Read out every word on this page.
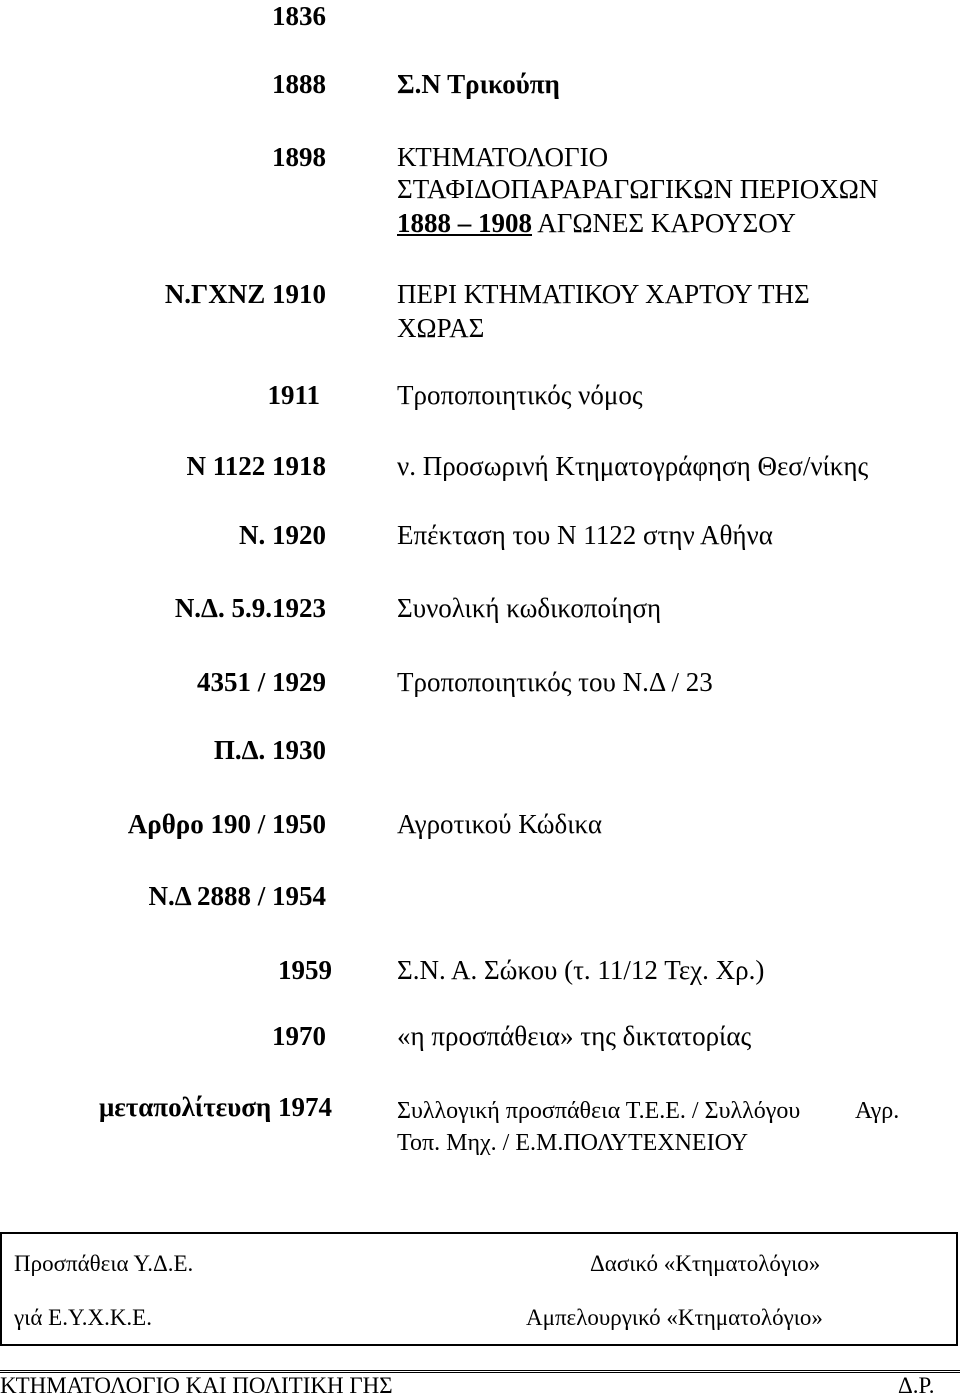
1836
1888
1898
Ν.ΓΧΝΖ 1910
1911
Ν 1122 1918
Ν. 1920
Ν.Δ. 5.9.1923
4351 / 1929
Π.Δ. 1930
Αρθρο 190 / 1950
Ν.Δ 2888 / 1954
1959
1970
μεταπολίτευση 1974
Σ.Ν Τρικούπη
ΚΤΗΜΑΤΟΛΟΓΙΟ
ΣΤΑΦΙΔΟΠΑΡΑΡΑΓΩΓΙΚΩΝ ΠΕΡΙΟΧΩΝ
1888 – 1908 ΑΓΩΝΕΣ ΚΑΡΟΥΣΟΥ
ΠΕΡΙ ΚΤΗΜΑΤΙΚΟΥ ΧΑΡΤΟΥ ΤΗΣ
ΧΩΡΑΣ
Τροποποιητικός νόμος
ν. Προσωρινή Κτηματογράφηση Θεσ/νίκης
Επέκταση του Ν 1122 στην Αθήνα
Συνολική κωδικοποίηση
Τροποποιητικός του Ν.Δ / 23
Αγροτικού Κώδικα
Σ.Ν. Α. Σώκου (τ. 11/12 Τεχ. Χρ.)
«η προσπάθεια» της δικτατορίας
Συλλογική προσπάθεια Τ.Ε.Ε. / Συλλόγου Αγρ.
Τοπ. Μηχ. / Ε.Μ.ΠΟΛΥΤΕΧΝΕΙΟΥ
Προσπάθεια Υ.Δ.Ε.
γιά Ε.Υ.Χ.Κ.Ε.
Δασικό «Κτηματολόγιο»
Αμπελουργικό «Κτηματολόγιο»
ΚΤΗΜΑΤΟΛΟΓΙΟ ΚΑΙ ΠΟΛΙΤΙΚΗ ΓΗΣ	Δ.Ρ.
